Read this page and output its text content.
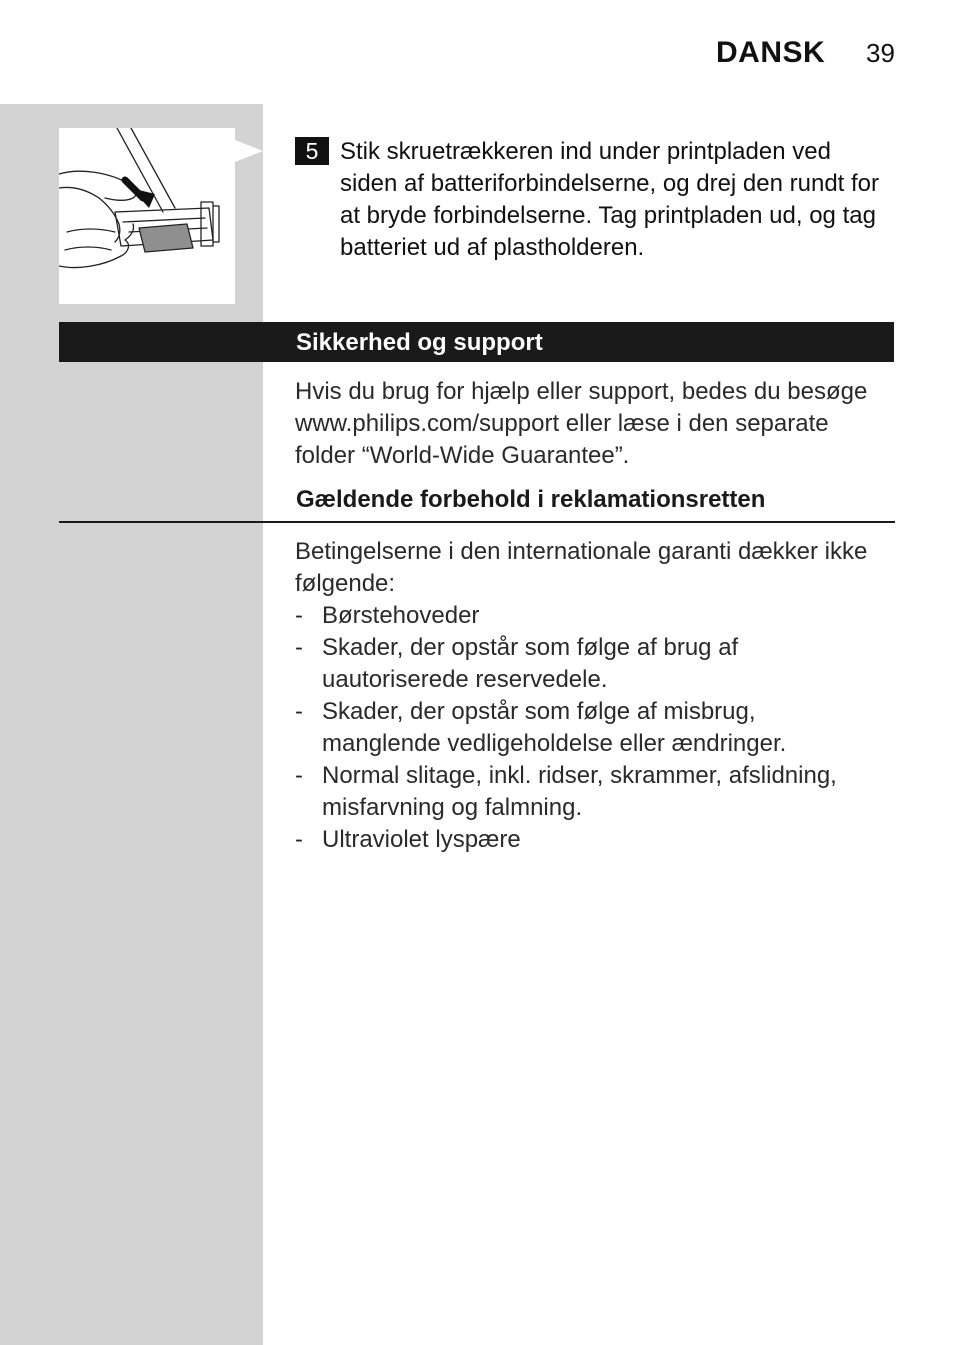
DANSK 39
5 Stik skruetrækkeren ind under printpladen ved siden af batteriforbindelserne, og drej den rundt for at bryde forbindelserne. Tag printpladen ud, og tag batteriet ud af plastholderen.
Sikkerhed og support
Hvis du brug for hjælp eller support, bedes du besøge www.philips.com/support eller læse i den separate folder “World-Wide Guarantee”.
Gældende forbehold i reklamationsretten
Betingelserne i den internationale garanti dækker ikke følgende:
- Børstehoveder
- Skader, der opstår som følge af brug af uautoriserede reservedele.
- Skader, der opstår som følge af misbrug, manglende vedligeholdelse eller ændringer.
- Normal slitage, inkl. ridser, skrammer, afslidning, misfarvning og falmning.
- Ultraviolet lyspære
